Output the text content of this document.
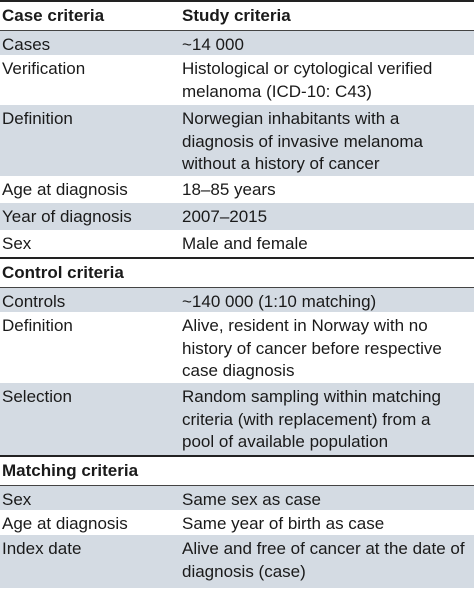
Case criteria	Study criteria
Cases	~14 000
Verification	Histological or cytological verified
melanoma (ICD-10: C43)
Definition	Norwegian inhabitants with a
diagnosis of invasive melanoma
without a history of cancer
Age at diagnosis	18–85 years
Year of diagnosis	2007–2015
Sex	Male and female
Control criteria
Controls	~140 000 (1:10 matching)
Definition	Alive, resident in Norway with no
history of cancer before respective
case diagnosis
Selection	Random sampling within matching
criteria (with replacement) from a
pool of available population
Matching criteria
Sex	Same sex as case
Age at diagnosis	Same year of birth as case
Index date	Alive and free of cancer at the date of
diagnosis (case)
